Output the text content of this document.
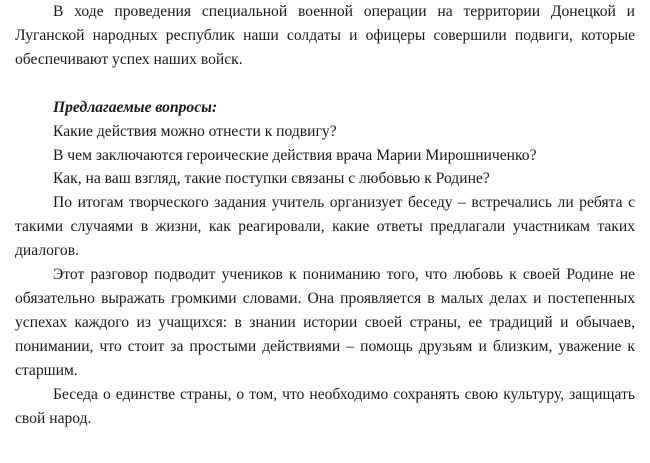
В ходе проведения специальной военной операции на территории Донецкой и Луганской народных республик наши солдаты и офицеры совершили подвиги, которые обеспечивают успех наших войск.

Предлагаемые вопросы:

Какие действия можно отнести к подвигу?

В чем заключаются героические действия врача Марии Мирошниченко?

Как, на ваш взгляд, такие поступки связаны с любовью к Родине?

По итогам творческого задания учитель организует беседу – встречались ли ребята с такими случаями в жизни, как реагировали, какие ответы предлагали участникам таких диалогов.

Этот разговор подводит учеников к пониманию того, что любовь к своей Родине не обязательно выражать громкими словами. Она проявляется в малых делах и постепенных успехах каждого из учащихся: в знании истории своей страны, ее традиций и обычаев, понимании, что стоит за простыми действиями – помощь друзьям и близким, уважение к старшим.

Беседа о единстве страны, о том, что необходимо сохранять свою культуру, защищать свой народ.
